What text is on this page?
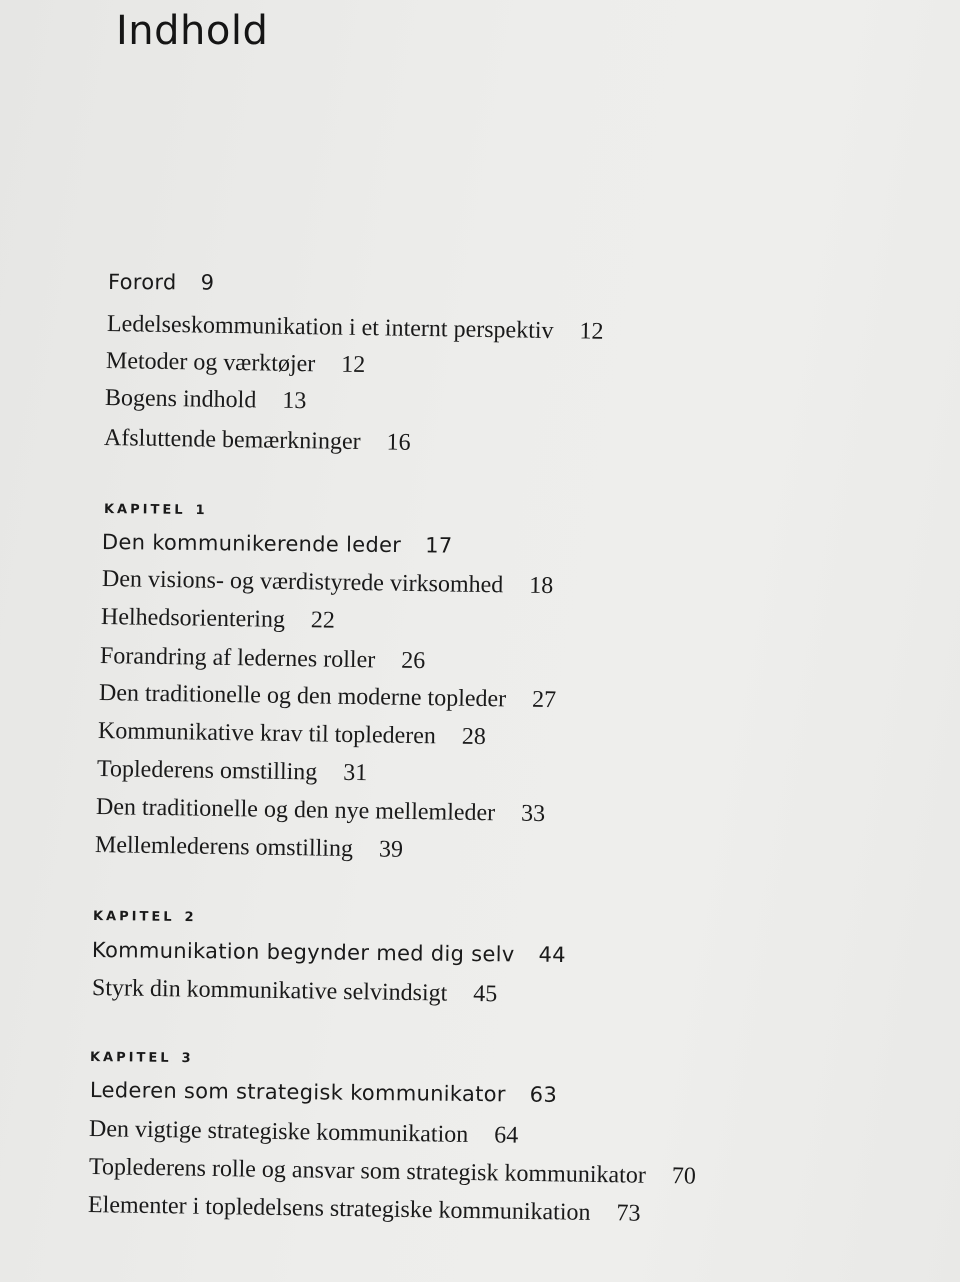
Indhold
Forord 9
Ledelseskommunikation i et internt perspektiv 12
Metoder og værktøjer 12
Bogens indhold 13
Afsluttende bemærkninger 16
KAPITEL 1
Den kommunikerende leder 17
Den visions- og værdistyrede virksomhed 18
Helhedsorientering 22
Forandring af ledernes roller 26
Den traditionelle og den moderne topleder 27
Kommunikative krav til toplederen 28
Toplederens omstilling 31
Den traditionelle og den nye mellemleder 33
Mellemlederens omstilling 39
KAPITEL 2
Kommunikation begynder med dig selv 44
Styrk din kommunikative selvindsigt 45
KAPITEL 3
Lederen som strategisk kommunikator 63
Den vigtige strategiske kommunikation 64
Toplederens rolle og ansvar som strategisk kommunikator 70
Elementer i topledelsens strategiske kommunikation 73
